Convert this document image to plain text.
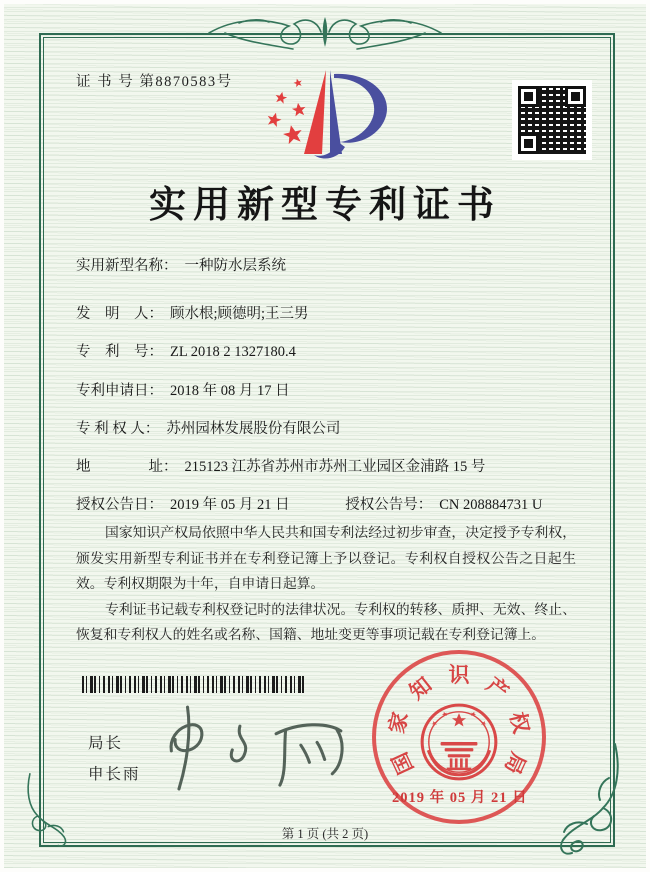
证 书 号 第8870583号
实用新型专利证书
实用新型名称： 一种防水层系统
发　明　人： 顾水根;顾德明;王三男
专　利　号： ZL 2018 2 1327180.4
专利申请日： 2018 年 08 月 17 日
专 利 权 人： 苏州园林发展股份有限公司
地　　　　址： 215123 江苏省苏州市苏州工业园区金浦路 15 号
授权公告日： 2019 年 05 月 21 日	授权公告号： CN 208884731 U

国家知识产权局依照中华人民共和国专利法经过初步审查，决定授予专利权，颁发实用新型专利证书并在专利登记簿上予以登记。专利权自授权公告之日起生效。专利权期限为十年，自申请日起算。

专利证书记载专利权登记时的法律状况。专利权的转移、质押、无效、终止、恢复和专利权人的姓名或名称、国籍、地址变更等事项记载在专利登记簿上。

局长
申长雨	国
家
知 识 产
权
局
2019 年 05 月 21 日
第 1 页 (共 2 页)
